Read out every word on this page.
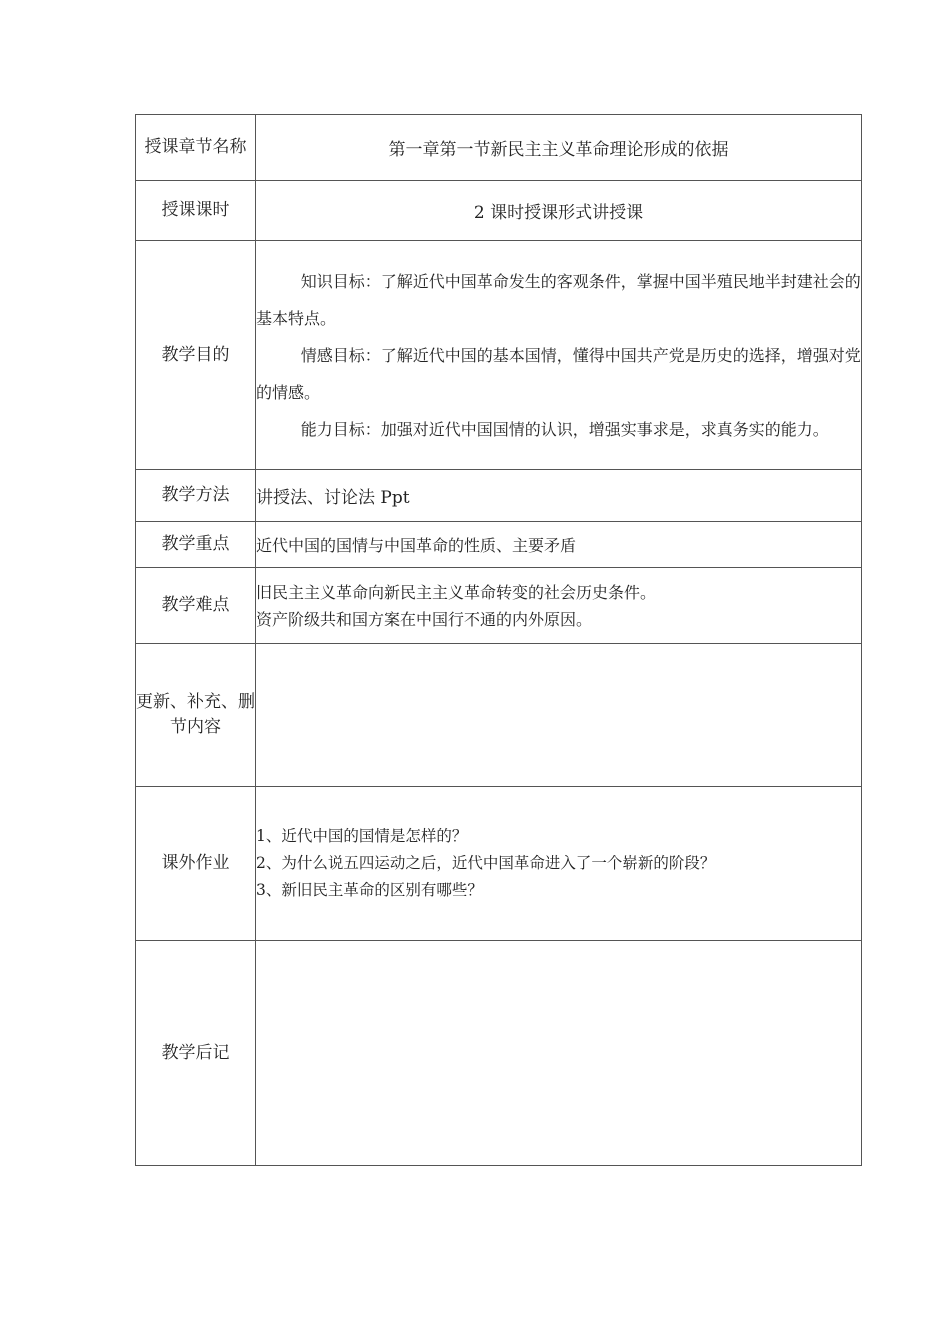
授课章节名称	第一章第一节新民主主义革命理论形成的依据
授课课时	2 课时授课形式讲授课
教学目的	知识目标：了解近代中国革命发生的客观条件，掌握中国半殖民地半封建社会的基本特点。

情感目标：了解近代中国的基本国情，懂得中国共产党是历史的选择，增强对党的情感。

能力目标：加强对近代中国国情的认识，增强实事求是，求真务实的能力。

教学方法	讲授法、讨论法 Ppt
教学重点	近代中国的国情与中国革命的性质、主要矛盾
教学难点	旧民主主义革命向新民主主义革命转变的社会历史条件。

资产阶级共和国方案在中国行不通的内外原因。

更新、补充、删节内容	
课外作业	1、近代中国的国情是怎样的？

2、为什么说五四运动之后，近代中国革命进入了一个崭新的阶段？

3、新旧民主革命的区别有哪些？

教学后记	
